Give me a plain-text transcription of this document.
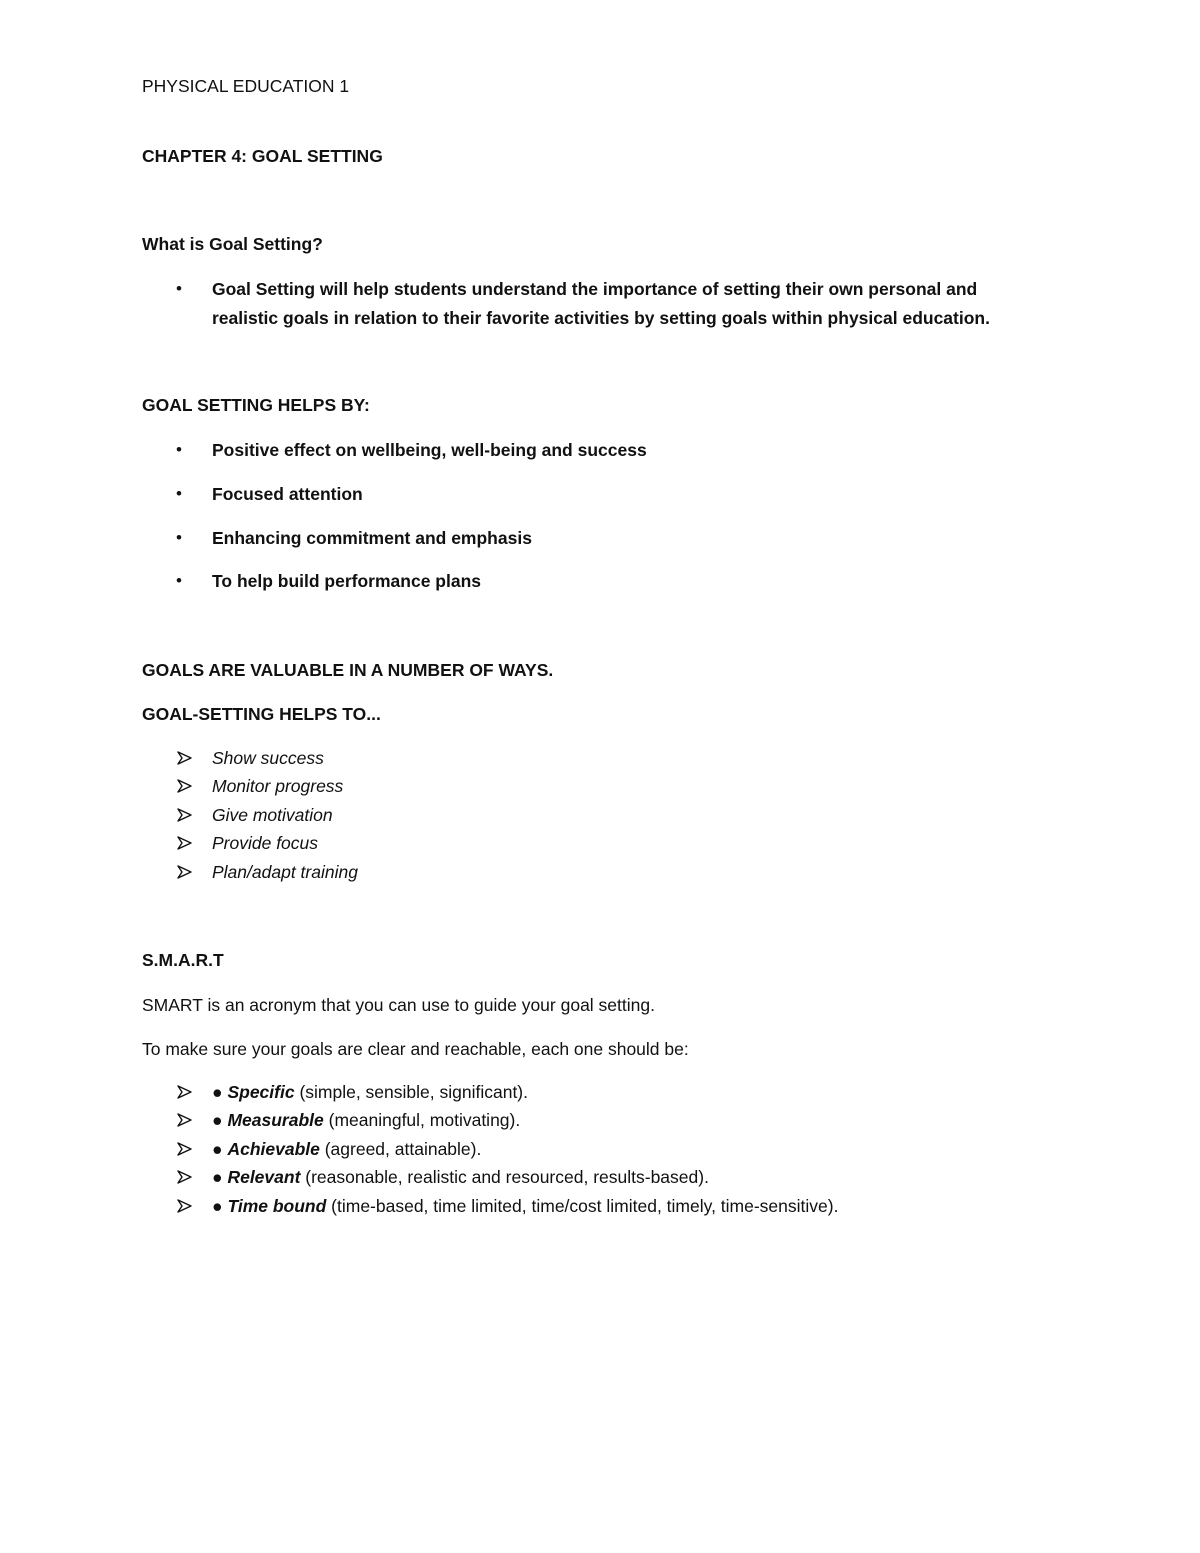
PHYSICAL EDUCATION 1
CHAPTER 4: GOAL SETTING
What is Goal Setting?
• Goal Setting will help students understand the importance of setting their own personal and
realistic goals in relation to their favorite activities by setting goals within physical education.
GOAL SETTING HELPS BY:
• Positive effect on wellbeing, well-being and success
• Focused attention
• Enhancing commitment and emphasis
• To help build performance plans
GOALS ARE VALUABLE IN A NUMBER OF WAYS.
GOAL-SETTING HELPS TO...
Show success
Monitor progress
Give motivation
Provide focus
Plan/adapt training
S.M.A.R.T
SMART is an acronym that you can use to guide your goal setting.
To make sure your goals are clear and reachable, each one should be:
● Specific (simple, sensible, significant).
● Measurable (meaningful, motivating).
● Achievable (agreed, attainable).
● Relevant (reasonable, realistic and resourced, results-based).
● Time bound (time-based, time limited, time/cost limited, timely, time-sensitive).
